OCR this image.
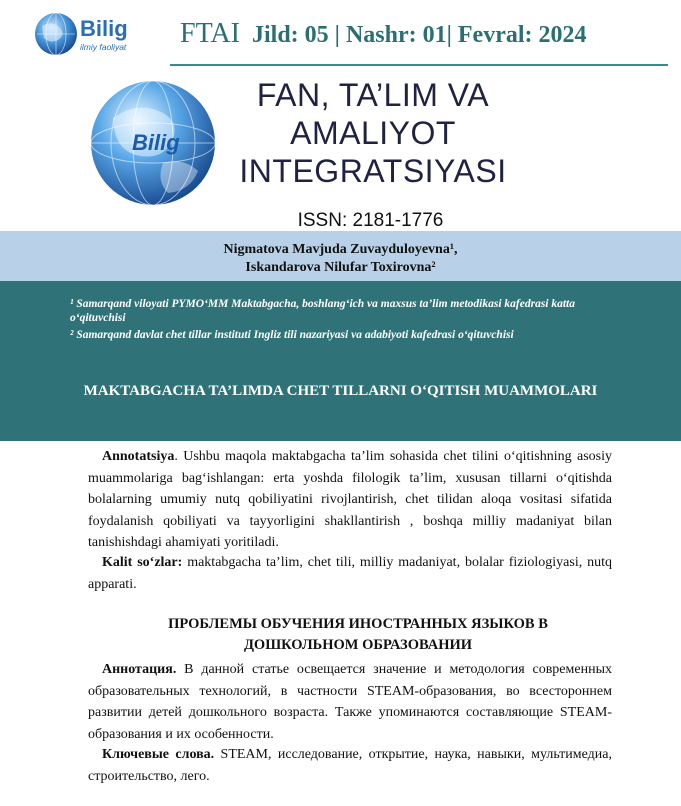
Bilig
ilmiy faoliyat FTAI Jild: 05 | Nashr: 01| Fevral: 2024
Bilig
FAN, TA’LIM VA
AMALIYOT
INTEGRATSIYASI
ISSN: 2181-1776

Nigmatova Mavjuda Zuvayduloyevna¹,

Iskandarova Nilufar Toxirovna²

¹ Samarqand viloyati PYMO‘MM Maktabgacha, boshlang‘ich va maxsus ta’lim metodikasi kafedrasi katta o‘qituvchisi
² Samarqand davlat chet tillar instituti Ingliz tili nazariyasi va adabiyoti kafedrasi o‘qituvchisi
MAKTABGACHA TA’LIMDA CHET TILLARNI O‘QITISH MUAMMOLARI
Annotatsiya. Ushbu maqola maktabgacha ta’lim sohasida chet tilini o‘qitishning asosiy muammolariga bag‘ishlangan: erta yoshda filologik ta’lim, xususan tillarni o‘qitishda bolalarning umumiy nutq qobiliyatini rivojlantirish, chet tilidan aloqa vositasi sifatida foydalanish qobiliyati va tayyorligini shakllantirish , boshqa milliy madaniyat bilan tanishishdagi ahamiyati yoritiladi.
Kalit so‘zlar: maktabgacha ta’lim, chet tili, milliy madaniyat, bolalar fiziologiyasi, nutq apparati.
ПРОБЛЕМЫ ОБУЧЕНИЯ ИНОСТРАННЫХ ЯЗЫКОВ В ДОШКОЛЬНОМ ОБРАЗОВАНИИ
Аннотация. В данной статье освещается значение и методология современных образовательных технологий, в частности STEAM-образования, во всестороннем развитии детей дошкольного возраста. Также упоминаются составляющие STEAM-образования и их особенности.
Ключевые слова. STEAM, исследование, открытие, наука, навыки, мультимедиа, строительство, лего.
